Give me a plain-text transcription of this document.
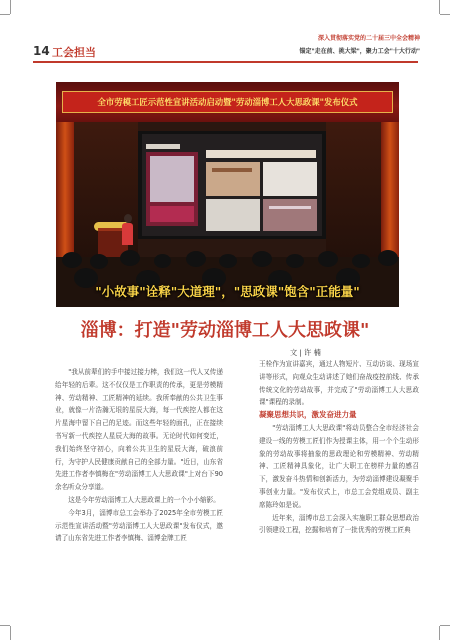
14 工会担当
深入贯彻落实党的二十届三中全会精神
锚定"走在前、挑大梁"，聚力工会"十大行动"
全市劳模工匠示范性宣讲活动启动暨"劳动淄博工人大思政课"发布仪式
"小故事"诠释"大道理"，"思政课"饱含"正能量"
淄博：打造"劳动淄博工人大思政课"
文 | 许 楠

"我从前辈们的手中接过接力棒，我们这一代人又传递给年轻的后辈。这不仅仅是工作职责的传承，更是劳模精神、劳动精神、工匠精神的延续。我所奉献的公共卫生事业，就像一片浩瀚无垠的星辰大海，每一代疾控人都在这片星海中留下自己的足迹。而这些年轻的面孔，正在接续书写新一代疾控人星辰大海的故事。无论时代如何变迁，我们始终坚守初心，向着公共卫生的星辰大海，破浪前行，为守护人民健康贡献自己的全部力量。"近日，山东省先进工作者李慎梅在"劳动淄博工人大思政课"上对台下90余名听众分享道。

这是今年劳动淄博工人大思政课上的一个小小缩影。

今年3月，淄博市总工会举办了2025年全市劳模工匠示范性宣讲活动暨"劳动淄博工人大思政课"发布仪式，邀请了山东省先进工作者李慎梅、淄博金牌工匠

王栓作为宣讲嘉宾，通过人物短片、互动访谈、现场宣讲等形式，向观众生动讲述了她们奋战疫控前线、传承传统文化的劳动故事，并完成了"劳动淄博工人大思政课"课程的录制。

凝聚思想共识，激发奋进力量

"劳动淄博工人大思政课"将动员整合全市经济社会建设一线的劳模工匠们作为授课主体，用一个个生动形象的劳动故事将抽象的思政理论和劳模精神、劳动精神、工匠精神具象化，让广大职工在榜样力量的感召下，激发奋斗热情和创新活力，为劳动淄博建设凝聚手事创业力量。"发布仪式上，市总工会党组成员、副主席陈玲如是说。

近年来，淄博市总工会深入实施职工群众思想政治引领建设工程，挖掘和培育了一批优秀的劳模工匠典
